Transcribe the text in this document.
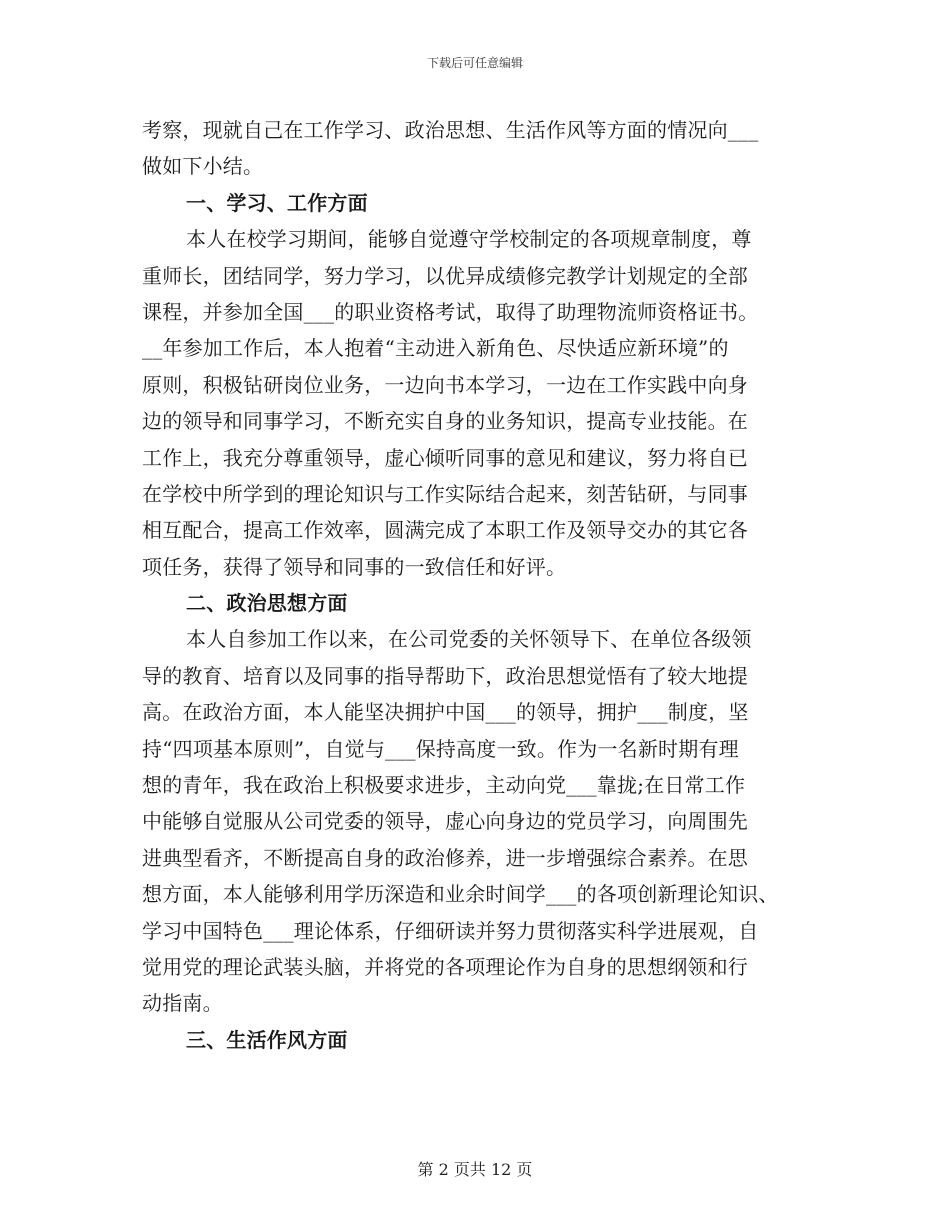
下载后可任意编辑
考察，现就自己在工作学习、政治思想、生活作风等方面的情况向___
做如下小结。
一、学习、工作方面
本人在校学习期间，能够自觉遵守学校制定的各项规章制度，尊
重师长，团结同学，努力学习，以优异成绩修完教学计划规定的全部
课程，并参加全国___的职业资格考试，取得了助理物流师资格证书。
__年参加工作后，本人抱着“主动进入新角色、尽快适应新环境”的
原则，积极钻研岗位业务，一边向书本学习，一边在工作实践中向身
边的领导和同事学习，不断充实自身的业务知识，提高专业技能。在
工作上，我充分尊重领导，虚心倾听同事的意见和建议，努力将自已
在学校中所学到的理论知识与工作实际结合起来，刻苦钻研，与同事
相互配合，提高工作效率，圆满完成了本职工作及领导交办的其它各
项任务，获得了领导和同事的一致信任和好评。
二、政治思想方面
本人自参加工作以来，在公司党委的关怀领导下、在单位各级领
导的教育、培育以及同事的指导帮助下，政治思想觉悟有了较大地提
高。在政治方面，本人能坚决拥护中国___的领导，拥护___制度，坚
持“四项基本原则”，自觉与___保持高度一致。作为一名新时期有理
想的青年，我在政治上积极要求进步，主动向党___靠拢;在日常工作
中能够自觉服从公司党委的领导，虚心向身边的党员学习，向周围先
进典型看齐，不断提高自身的政治修养，进一步增强综合素养。在思
想方面，本人能够利用学历深造和业余时间学___的各项创新理论知识、
学习中国特色___理论体系，仔细研读并努力贯彻落实科学进展观，自
觉用党的理论武装头脑，并将党的各项理论作为自身的思想纲领和行
动指南。
三、生活作风方面
第 2 页共 12 页
